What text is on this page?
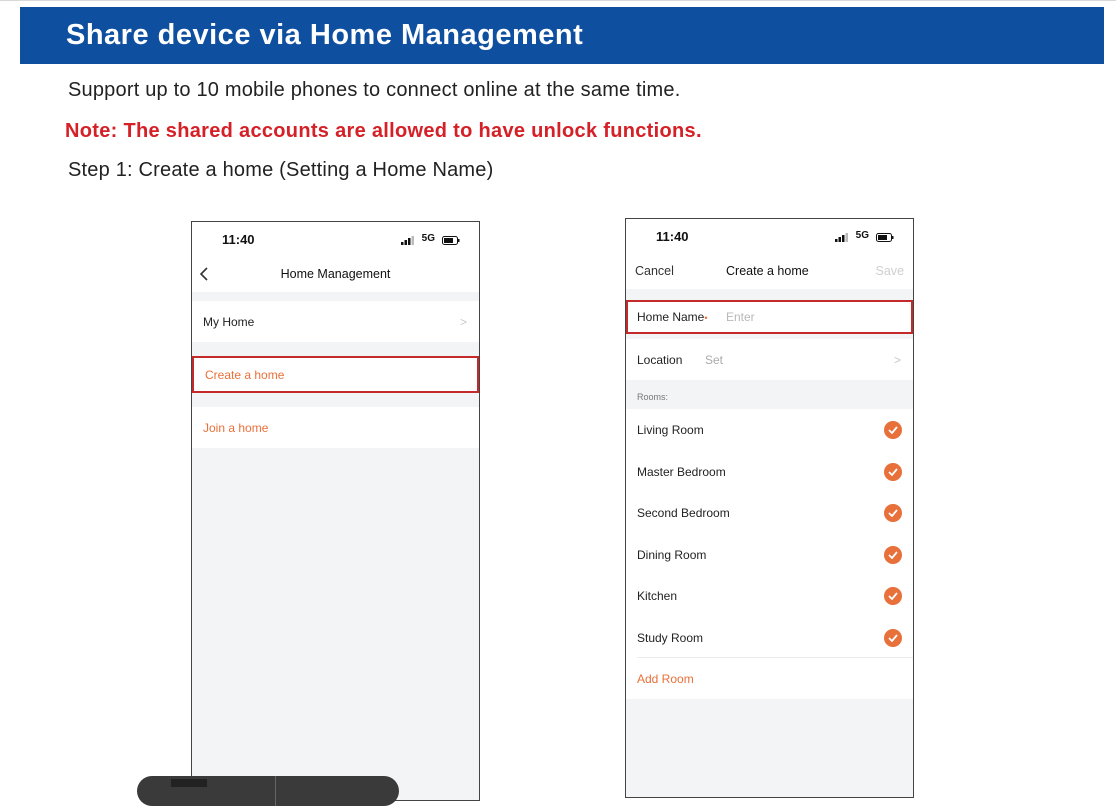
Share device via Home Management
Support up to 10 mobile phones to connect online at the same time.
Note: The shared accounts are allowed to have unlock functions.
Step 1: Create a home (Setting a Home Name)
11:40	5G
Home Management
My Home	>
Create a home
Join a home
11:40	5G
Cancel	Create a home	Save
Home Name• Enter
Location Set	>
Rooms:
Living Room
Master Bedroom
Second Bedroom
Dining Room
Kitchen
Study Room
Add Room
